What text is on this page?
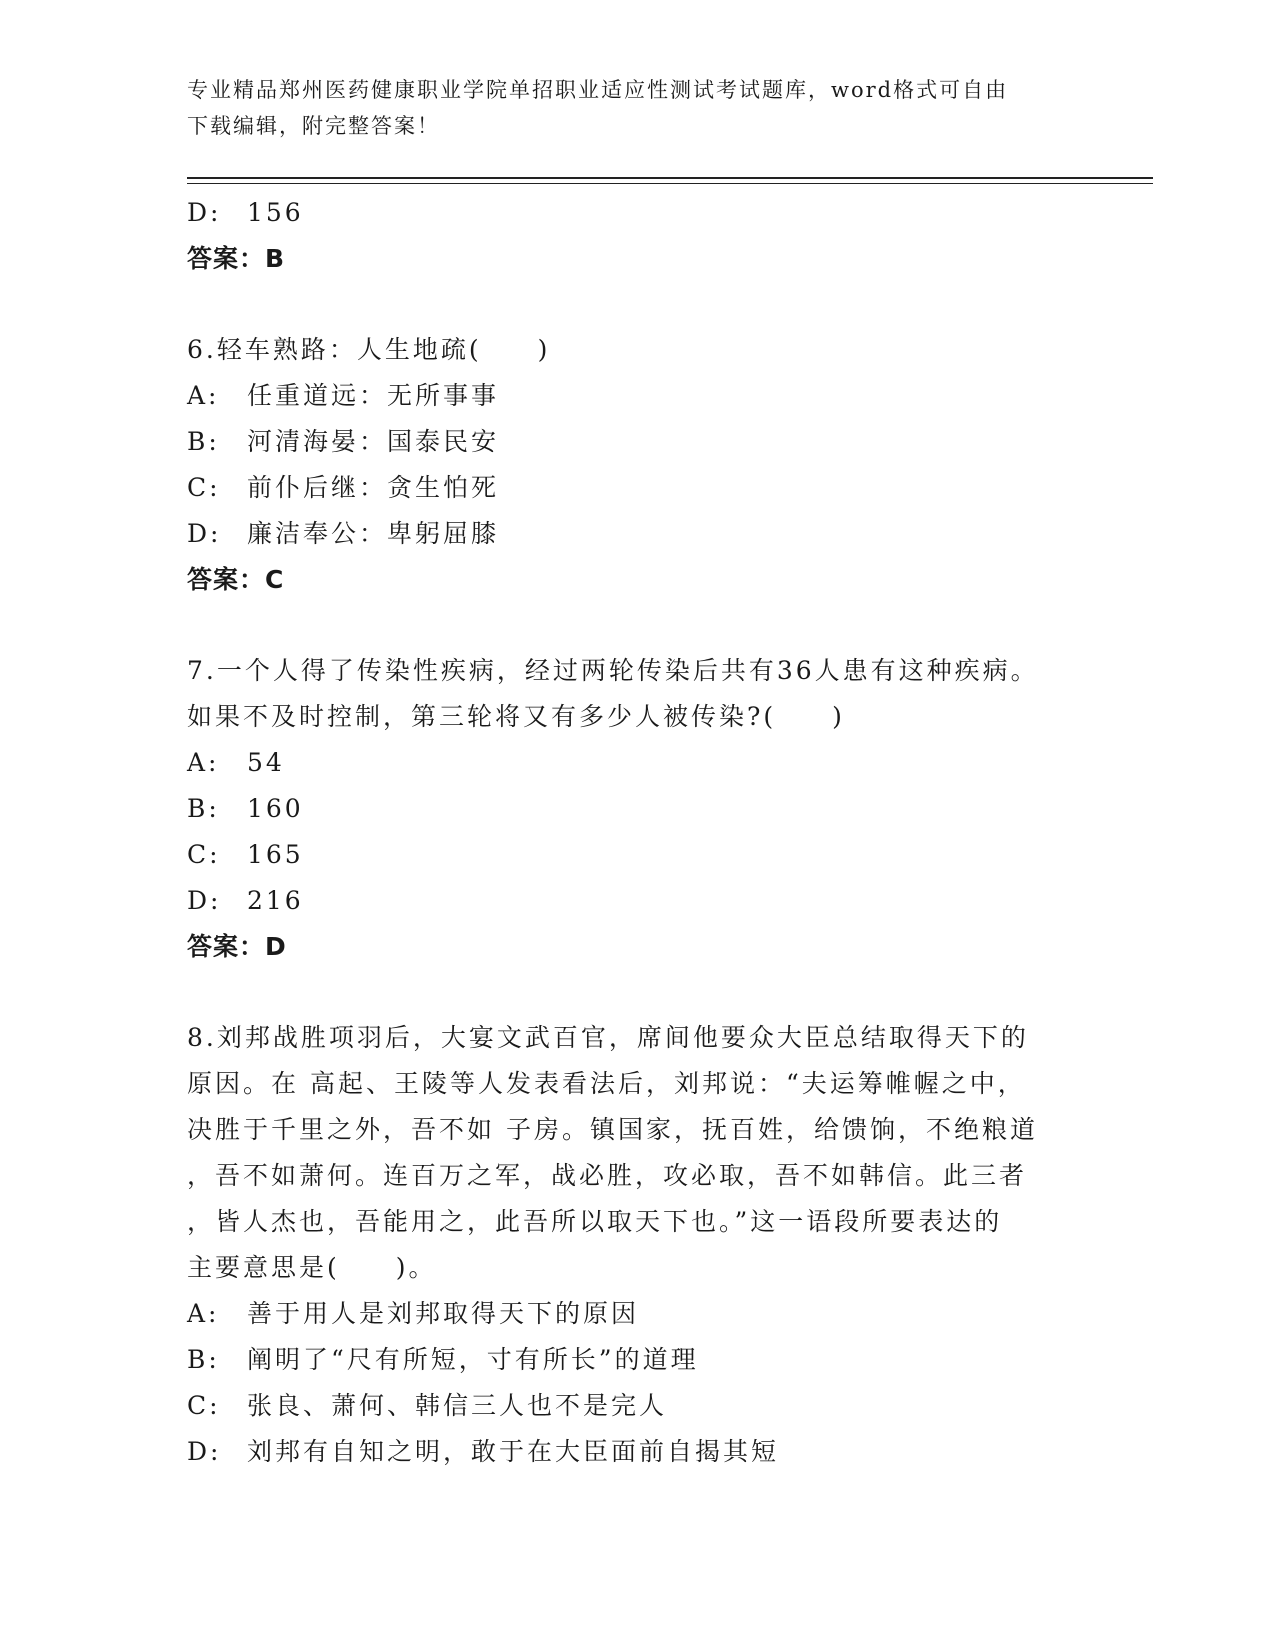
专业精品郑州医药健康职业学院单招职业适应性测试考试题库，word格式可自由
下载编辑，附完整答案！
D: 156
答案：B
6.轻车熟路：人生地疏(　　)
A: 任重道远：无所事事
B: 河清海晏：国泰民安
C: 前仆后继：贪生怕死
D: 廉洁奉公：卑躬屈膝
答案：C
7.一个人得了传染性疾病，经过两轮传染后共有36人患有这种疾病。
如果不及时控制，第三轮将又有多少人被传染?(　　)
A: 54
B: 160
C: 165
D: 216
答案：D
8.刘邦战胜项羽后，大宴文武百官，席间他要众大臣总结取得天下的
原因。在 高起、王陵等人发表看法后，刘邦说：“夫运筹帷幄之中，
决胜于千里之外，吾不如 子房。镇国家，抚百姓，给馈饷，不绝粮道
，吾不如萧何。连百万之军，战必胜，攻必取，吾不如韩信。此三者
，皆人杰也，吾能用之，此吾所以取天下也。”这一语段所要表达的
主要意思是(　　)。
A: 善于用人是刘邦取得天下的原因
B: 阐明了“尺有所短，寸有所长”的道理
C: 张良、萧何、韩信三人也不是完人
D: 刘邦有自知之明，敢于在大臣面前自揭其短
